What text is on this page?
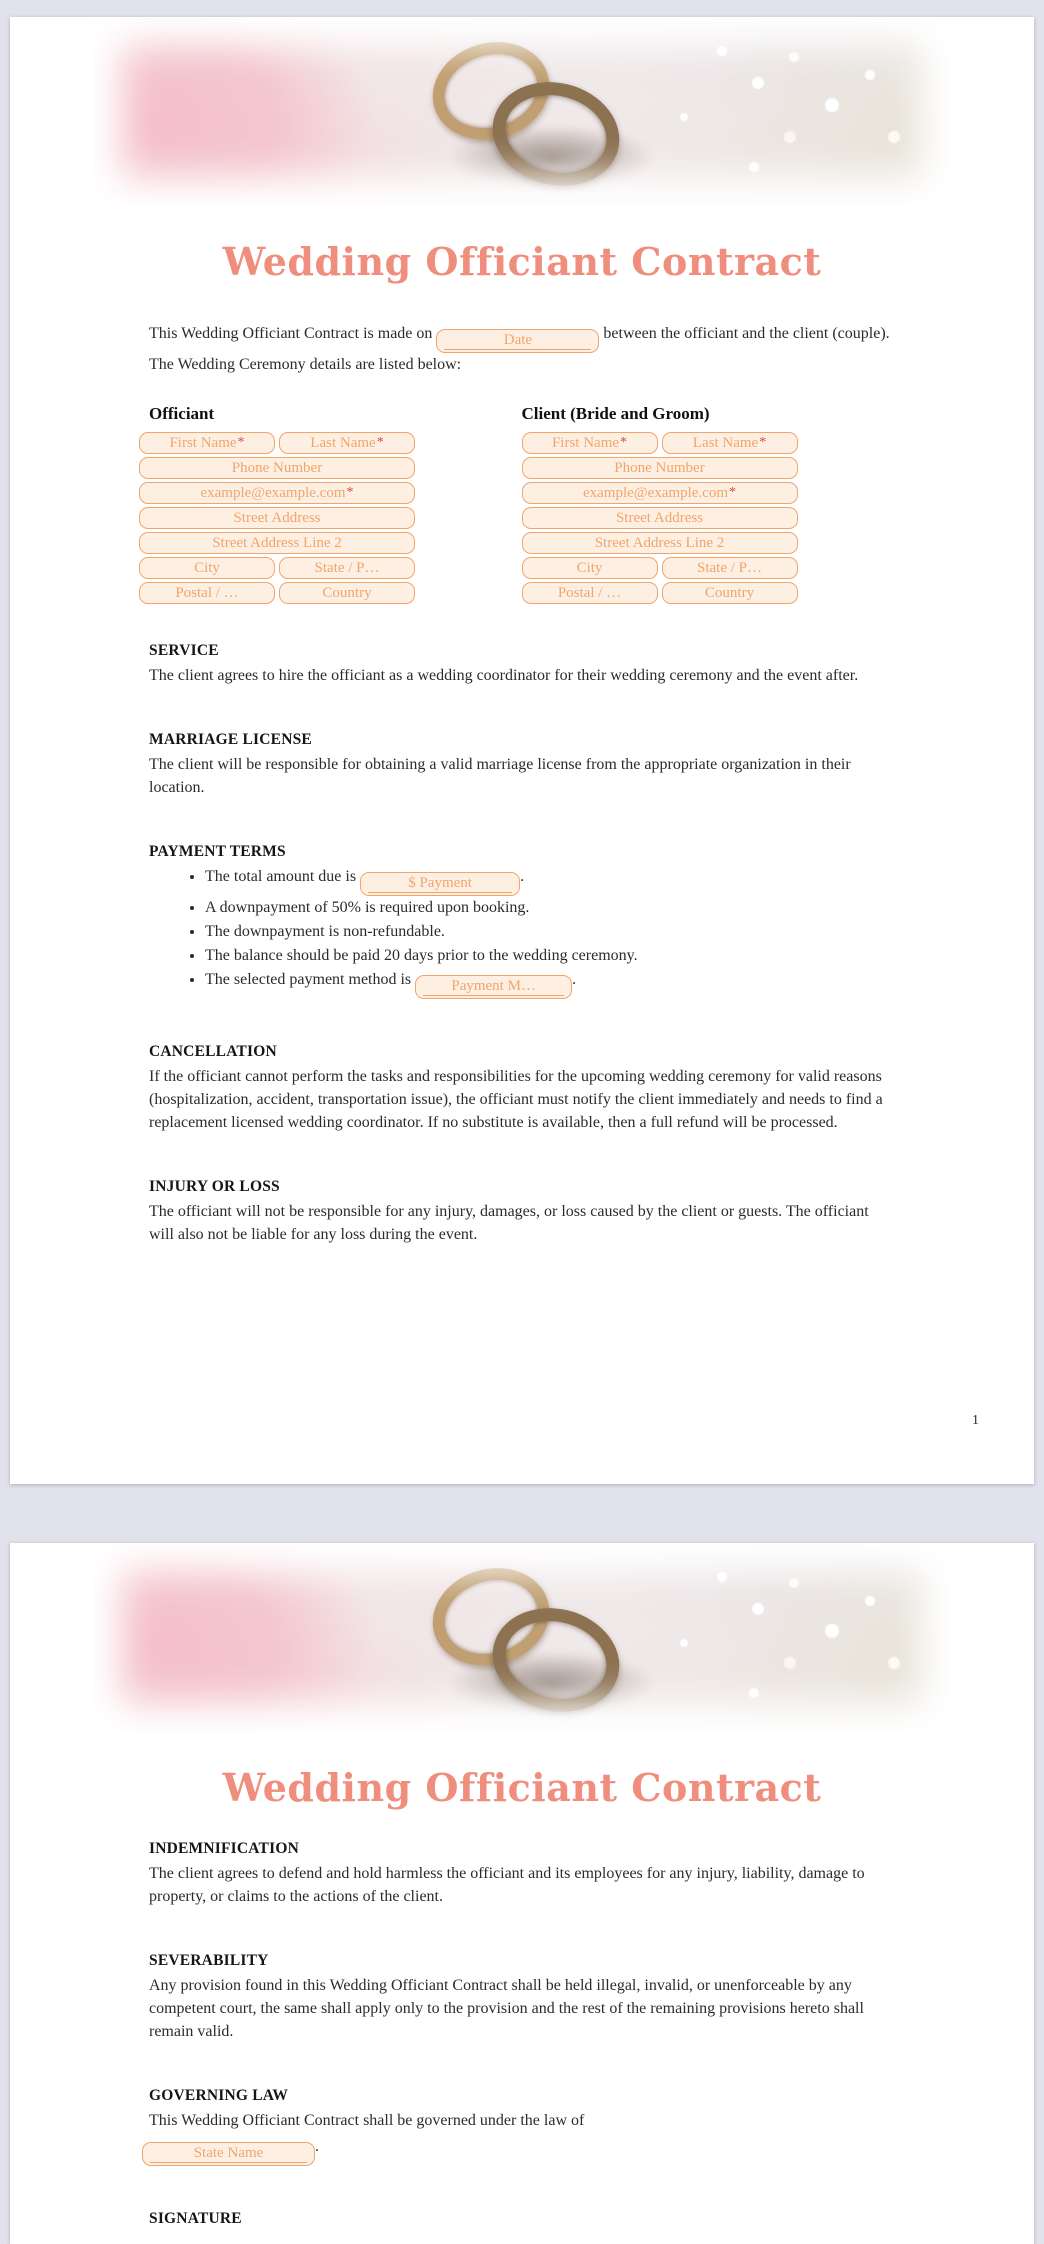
Wedding Officiant Contract

This Wedding Officiant Contract is made on	Date	between the officiant and the client (couple). The Wedding Ceremony details are listed below:

Officiant
First Name *	Last Name *
Phone Number
example@example.com *
Street Address
Street Address Line 2
City	State / P…
Postal / …	Country
Client (Bride and Groom)
First Name *	Last Name *
Phone Number
example@example.com *
Street Address
Street Address Line 2
City	State / P…
Postal / …	Country
SERVICE

The client agrees to hire the officiant as a wedding coordinator for their wedding ceremony and the event after.

MARRIAGE LICENSE

The client will be responsible for obtaining a valid marriage license from the appropriate organization in their location.

PAYMENT TERMS
• The total amount due is	$ Payment	.
• A downpayment of 50% is required upon booking.
• The downpayment is non-refundable.
• The balance should be paid 20 days prior to the wedding ceremony.
• The selected payment method is	Payment M…	.
CANCELLATION

If the officiant cannot perform the tasks and responsibilities for the upcoming wedding ceremony for valid reasons (hospitalization, accident, transportation issue), the officiant must notify the client immediately and needs to find a replacement licensed wedding coordinator. If no substitute is available, then a full refund will be processed.

INJURY OR LOSS

The officiant will not be responsible for any injury, damages, or loss caused by the client or guests. The officiant will also not be liable for any loss during the event.

1
Wedding Officiant Contract
INDEMNIFICATION

The client agrees to defend and hold harmless the officiant and its employees for any injury, liability, damage to property, or claims to the actions of the client.

SEVERABILITY

Any provision found in this Wedding Officiant Contract shall be held illegal, invalid, or unenforceable by any competent court, the same shall apply only to the provision and the rest of the remaining provisions hereto shall remain valid.

GOVERNING LAW
This Wedding Officiant Contract shall be governed under the law of
State Name	.
SIGNATURE
